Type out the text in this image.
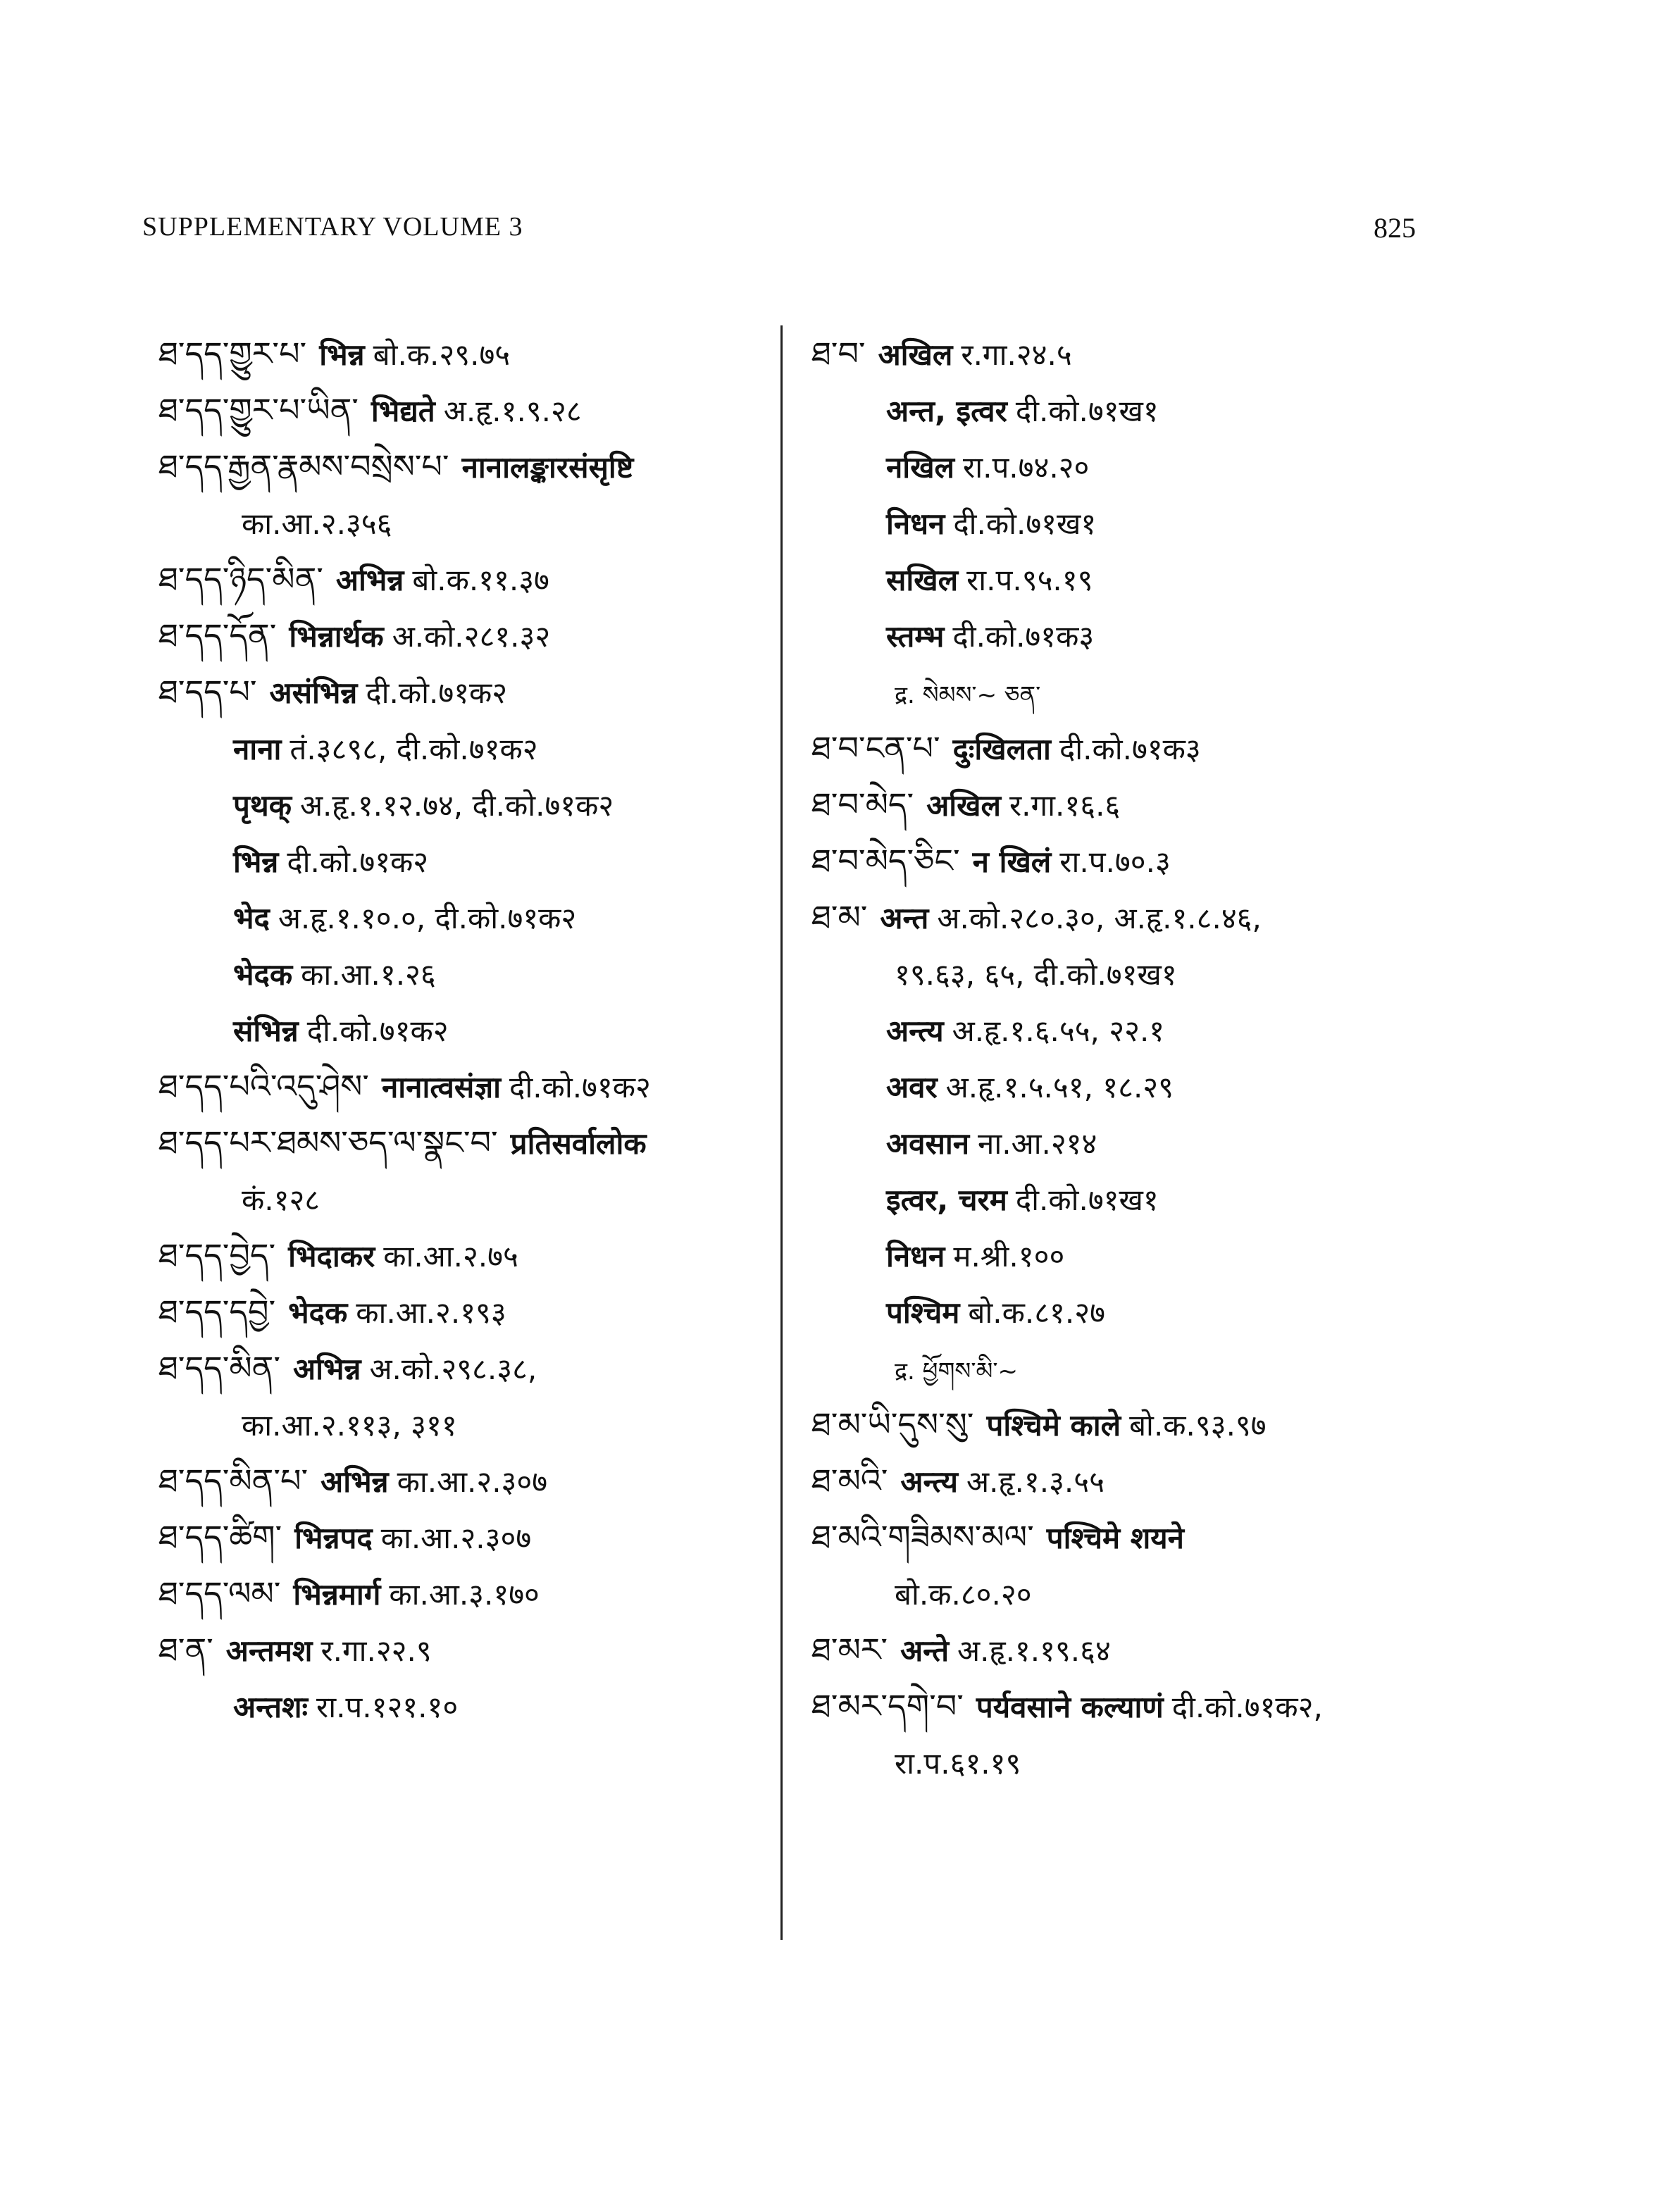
SUPPLEMENTARY VOLUME 3	825
ཐ་དད་གྱུར་པ་ भिन्न बो.क.२९.७५
ཐ་དད་གྱུར་པ་ཡིན་ भिद्यते अ.हृ.१.९.२८
ཐ་དད་རྒྱན་རྣམས་བསྲེས་པ་ नानालङ्कारसंसृष्टि
का.आ.२.३५६
ཐ་དད་ཉིད་མིན་ अभिन्न बो.क.११.३७
ཐ་དད་དོན་ भिन्नार्थक अ.को.२८१.३२
ཐ་དད་པ་ असंभिन्न दी.को.७१क२
नाना तं.३८९८, दी.को.७१क२
पृथक् अ.हृ.१.१२.७४, दी.को.७१क२
भिन्न दी.को.७१क२
भेद अ.हृ.१.१०.०, दी.को.७१क२
भेदक का.आ.१.२६
संभिन्न दी.को.७१क२
ཐ་དད་པའི་འདུ་ཤེས་ नानात्वसंज्ञा दी.को.७१क२
ཐ་དད་པར་ཐམས་ཅད་ལ་སྣང་བ་ प्रतिसर्वालोक
कं.१२८
ཐ་དད་བྱེད་ भिदाकर का.आ.२.७५
ཐ་དད་དབྱེ་ भेदक का.आ.२.१९३
ཐ་དད་མིན་ अभिन्न अ.को.२९८.३८,
का.आ.२.११३, ३११
ཐ་དད་མིན་པ་ अभिन्न का.आ.२.३०७
ཐ་དད་ཚིག་ भिन्नपद का.आ.२.३०७
ཐ་དད་ལམ་ भिन्नमार्ग का.आ.३.१७०
ཐ་ན་ अन्तमश र.गा.२२.९
अन्तशः रा.प.१२१.१०
ཐ་བ་ अखिल र.गा.२४.५
अन्त, इत्वर दी.को.७१ख१
नखिल रा.प.७४.२०
निधन दी.को.७१ख१
सखिल रा.प.९५.१९
स्तम्भ दी.को.७१क३
द्र. སེམས་~ ཅན་
ཐ་བ་ངན་པ་ दुःखिलता दी.को.७१क३
ཐ་བ་མེད་ अखिल र.गा.१६.६
ཐ་བ་མེད་ཅིང་ न खिलं रा.प.७०.३
ཐ་མ་ अन्त अ.को.२८०.३०, अ.हृ.१.८.४६,
१९.६३, ६५, दी.को.७१ख१
अन्त्य अ.हृ.१.६.५५, २२.१
अवर अ.हृ.१.५.५१, १८.२९
अवसान ना.आ.२१४
इत्वर, चरम दी.को.७१ख१
निधन म.श्री.१००
पश्चिम बो.क.८१.२७
द्र. ཕྱོགས་མི་~
ཐ་མ་ཡི་དུས་སུ་ पश्चिमे काले बो.क.९३.९७
ཐ་མའི་ अन्त्य अ.हृ.१.३.५५
ཐ་མའི་གཟིམས་མལ་ पश्चिमे शयने
बो.क.८०.२०
ཐ་མར་ अन्ते अ.हृ.१.१९.६४
ཐ་མར་དགེ་བ་ पर्यवसाने कल्याणं दी.को.७१क२,
रा.प.६१.१९
